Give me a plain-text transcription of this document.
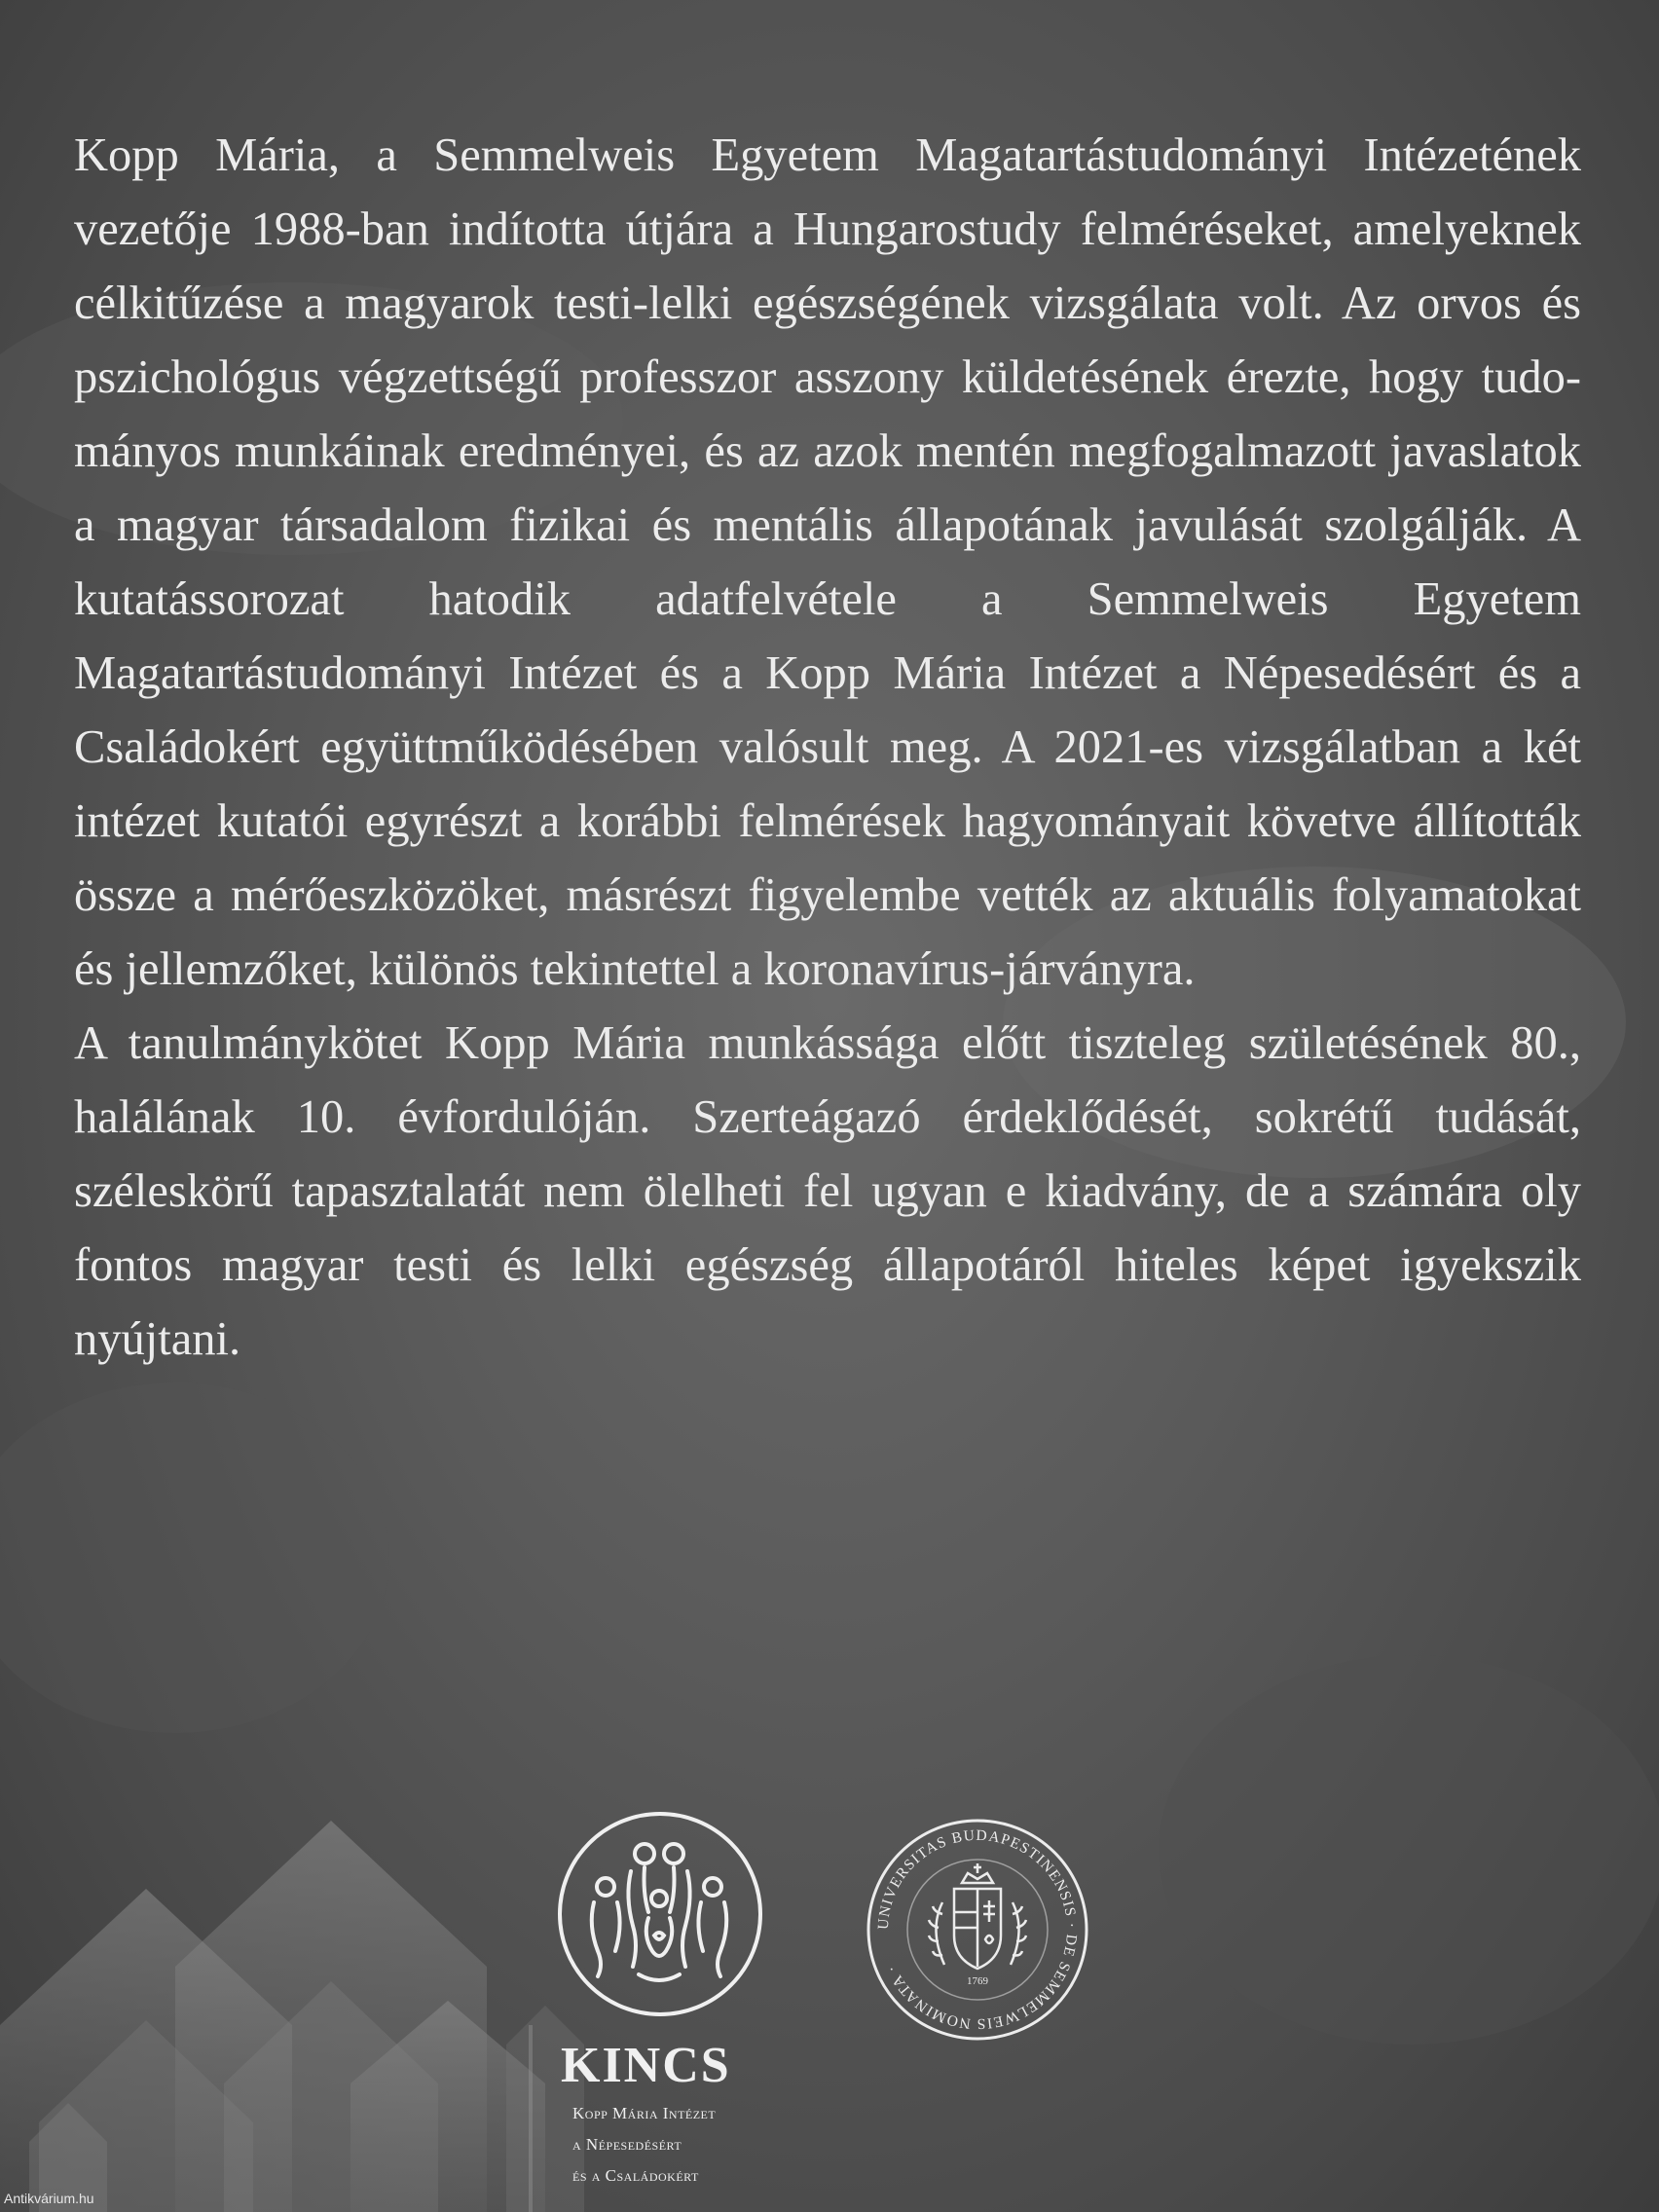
Kopp Mária, a Semmelweis Egyetem Magatartástudományi Intézetének vezetője 1988-ban indította útjára a Hungarostudy felméréseket, amelyeknek célkitűzése a magyarok testi-lelki egészségének vizsgálata volt. Az orvos és pszichológus végzettségű professzor asszony küldetésének érezte, hogy tudományos munkáinak eredményei, és az azok mentén megfogalmazott javaslatok a magyar társadalom fizikai és mentális állapotának javulását szolgálják. A kutatássorozat hatodik adatfelvétele a Semmelweis Egyetem Magatartástudományi Intézet és a Kopp Mária Intézet a Népesedésért és a Családokért együttműködésében valósult meg. A 2021-es vizsgálatban a két intézet kutatói egyrészt a korábbi felmérések hagyományait követve állították össze a mérőeszközöket, másrészt figyelembe vették az aktuális folyamatokat és jellemzőket, különös tekintettel a koronavírus-járványra.

A tanulmánykötet Kopp Mária munkássága előtt tiszteleg születésének 80., halálának 10. évfordulóján. Szerteágazó érdeklődését, sokrétű tudását, széleskörű tapasztalatát nem ölelheti fel ugyan e kiadvány, de a számára oly fontos magyar testi és lelki egészség állapotáról hiteles képet igyekszik nyújtani.

KINCS
Kopp Mária Intézet
a Népesedésért
és a Családokért
UNIVERSITAS BUDAPESTINENSIS · DE SEMMELWEIS NOMINATA ·
1769
Antikvárium.hu
